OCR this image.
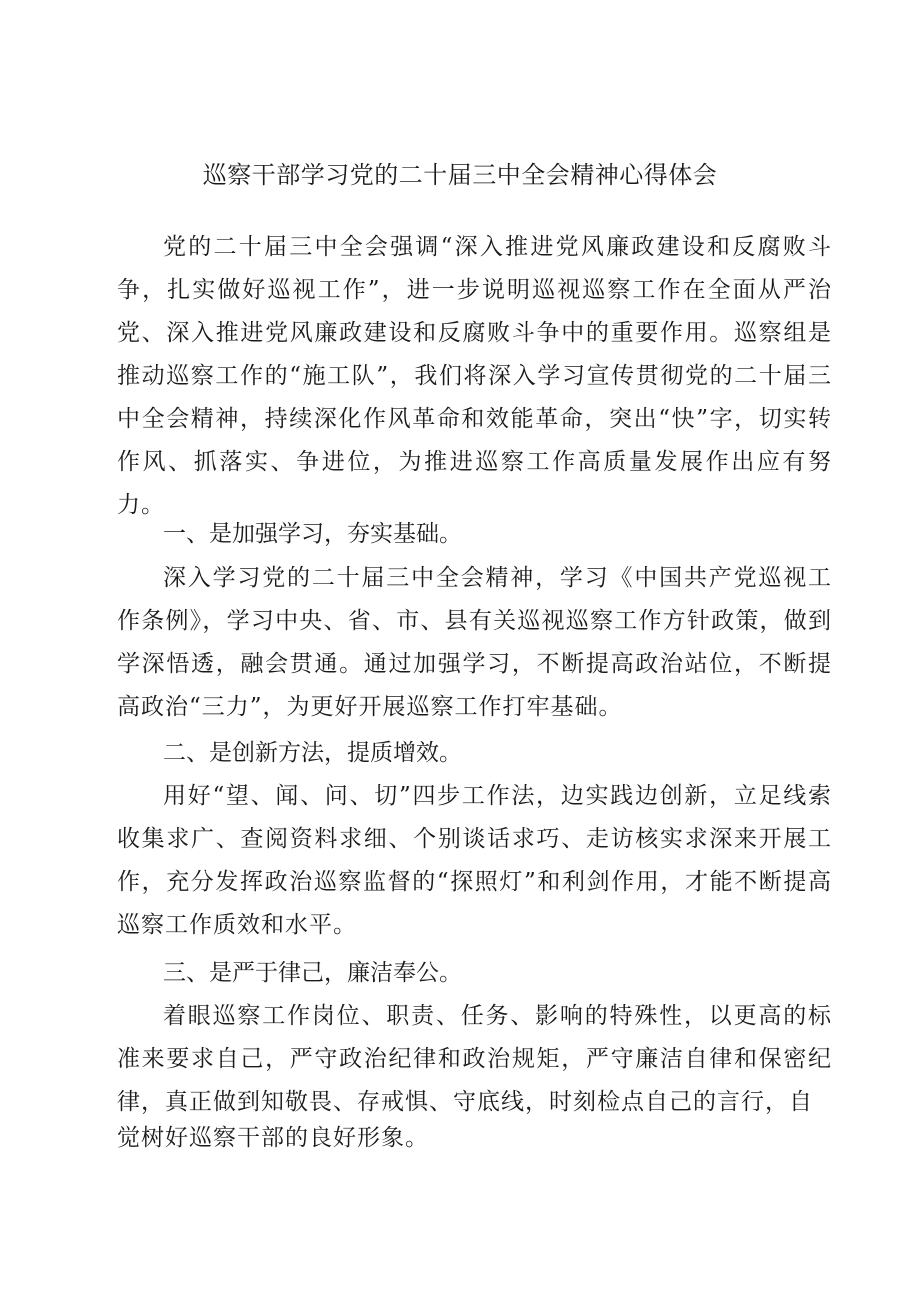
巡察干部学习党的二十届三中全会精神心得体会

党的二十届三中全会强调“深入推进党风廉政建设和反腐败斗争，扎实做好巡视工作”，进一步说明巡视巡察工作在全面从严治党、深入推进党风廉政建设和反腐败斗争中的重要作用。巡察组是推动巡察工作的“施工队”，我们将深入学习宣传贯彻党的二十届三中全会精神，持续深化作风革命和效能革命，突出“快”字，切实转作风、抓落实、争进位，为推进巡察工作高质量发展作出应有努力。

一、是加强学习，夯实基础。

深入学习党的二十届三中全会精神，学习《中国共产党巡视工作条例》，学习中央、省、市、县有关巡视巡察工作方针政策，做到学深悟透，融会贯通。通过加强学习，不断提高政治站位，不断提高政治“三力”，为更好开展巡察工作打牢基础。

二、是创新方法，提质增效。

用好“望、闻、问、切”四步工作法，边实践边创新，立足线索收集求广、查阅资料求细、个别谈话求巧、走访核实求深来开展工作，充分发挥政治巡察监督的“探照灯”和利剑作用，才能不断提高巡察工作质效和水平。

三、是严于律己，廉洁奉公。

着眼巡察工作岗位、职责、任务、影响的特殊性，以更高的标准来要求自己，严守政治纪律和政治规矩，严守廉洁自律和保密纪律，真正做到知敬畏、存戒惧、守底线，时刻检点自己的言行，自

觉树好巡察干部的良好形象。
